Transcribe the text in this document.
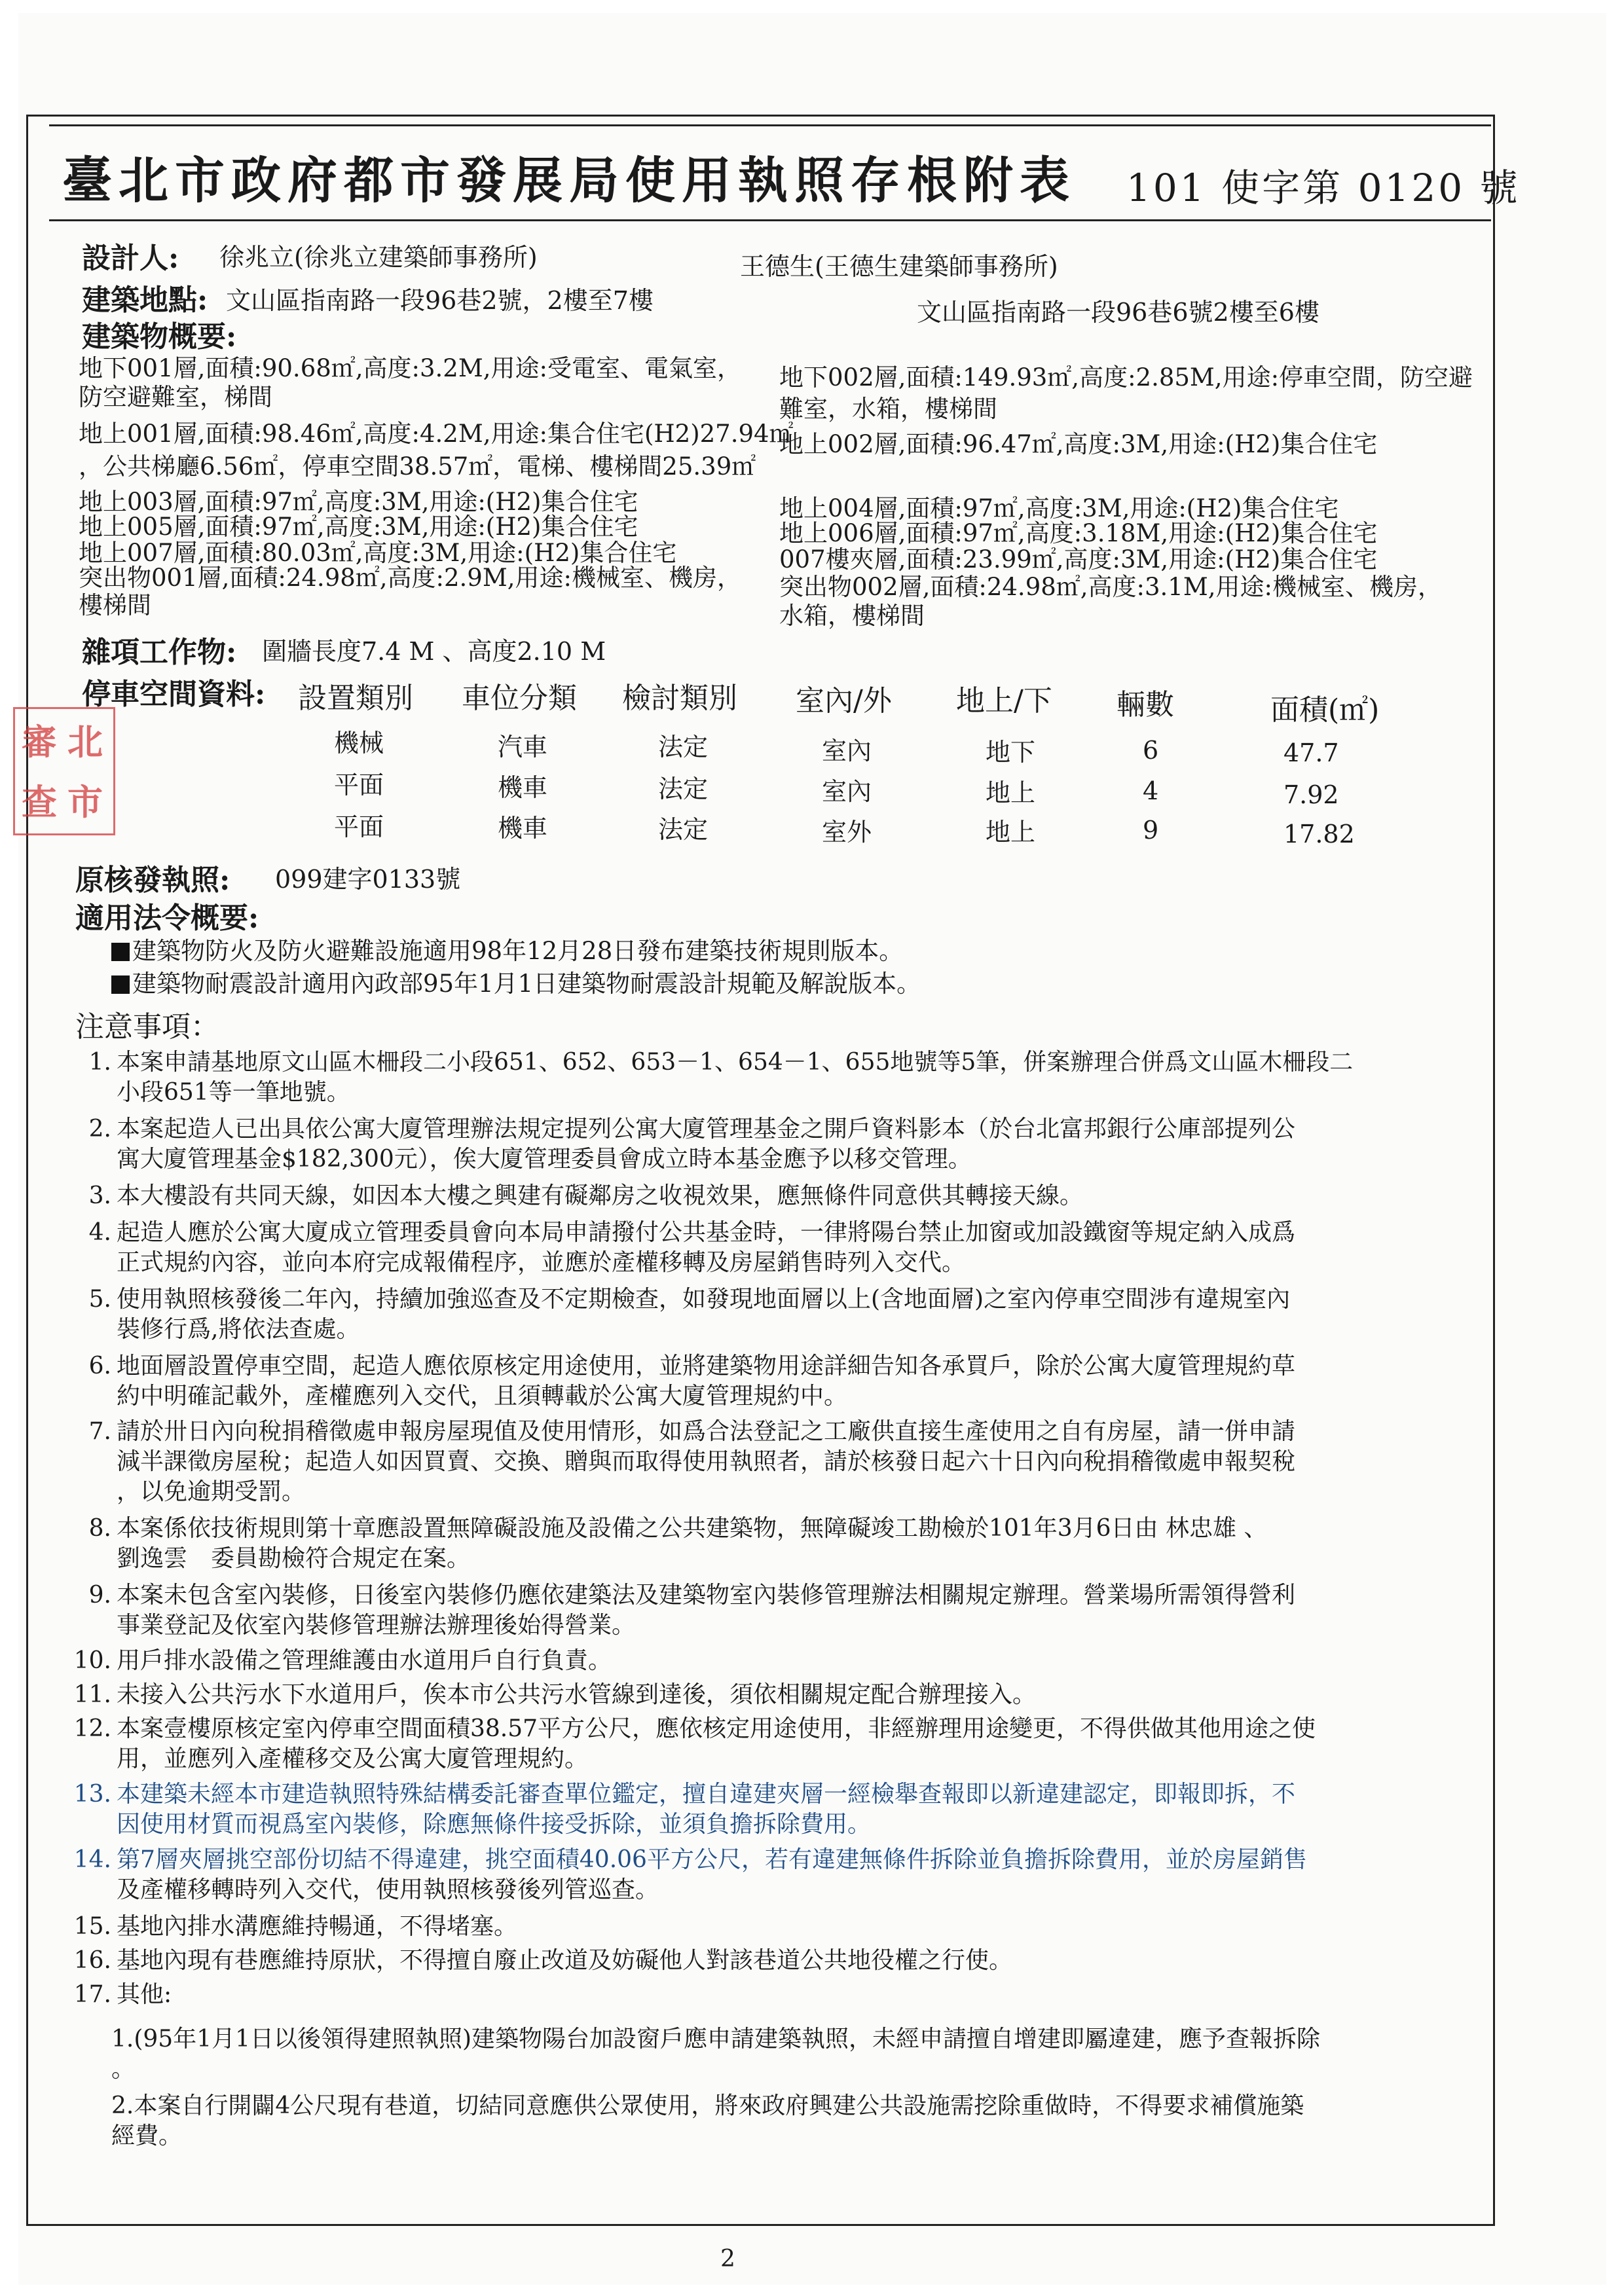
臺北市政府都市發展局使用執照存根附表 101 使字第 0120 號
設計人: 徐兆立(徐兆立建築師事務所)	王德生(王德生建築師事務所)
建築地點: 文山區指南路一段96巷2號，2樓至7樓	文山區指南路一段96巷6號2樓至6樓
建築物概要:
地下001層,面積:90.68㎡,高度:3.2M,用途:受電室、電氣室，
防空避難室，梯間
地上001層,面積:98.46㎡,高度:4.2M,用途:集合住宅(H2)27.94㎡
，公共梯廳6.56㎡，停車空間38.57㎡，電梯、樓梯間25.39㎡
地上003層,面積:97㎡,高度:3M,用途:(H2)集合住宅
地上005層,面積:97㎡,高度:3M,用途:(H2)集合住宅
地上007層,面積:80.03㎡,高度:3M,用途:(H2)集合住宅
突出物001層,面積:24.98㎡,高度:2.9M,用途:機械室、機房，
樓梯間
地下002層,面積:149.93㎡,高度:2.85M,用途:停車空間，防空避
難室，水箱，樓梯間
地上002層,面積:96.47㎡,高度:3M,用途:(H2)集合住宅
地上004層,面積:97㎡,高度:3M,用途:(H2)集合住宅
地上006層,面積:97㎡,高度:3.18M,用途:(H2)集合住宅
007樓夾層,面積:23.99㎡,高度:3M,用途:(H2)集合住宅
突出物002層,面積:24.98㎡,高度:3.1M,用途:機械室、機房，
水箱，樓梯間
雜項工作物: 圍牆長度7.4 M 、高度2.10 M
停車空間資料: 設置類別 車位分類 檢討類別 室內/外 地上/下 輛數	面積(㎡)
機械	汽車	法定	室內	地下	6	47.7
平面	機車	法定	室內	地上	4	7.92
平面	機車	法定	室外	地上	9	17.82
審 北
查 市
原核發執照: 099建字0133號
適用法令概要:
建築物防火及防火避難設施適用98年12月28日發布建築技術規則版本。
建築物耐震設計適用內政部95年1月1日建築物耐震設計規範及解說版本。
注意事項：
1. 本案申請基地原文山區木柵段二小段651、652、653－1、654－1、655地號等5筆，併案辦理合併爲文山區木柵段二
小段651等一筆地號。
2. 本案起造人已出具依公寓大廈管理辦法規定提列公寓大廈管理基金之開戶資料影本（於台北富邦銀行公庫部提列公
寓大廈管理基金$182,300元），俟大廈管理委員會成立時本基金應予以移交管理。
3. 本大樓設有共同天線，如因本大樓之興建有礙鄰房之收視效果，應無條件同意供其轉接天線。
4. 起造人應於公寓大廈成立管理委員會向本局申請撥付公共基金時，一律將陽台禁止加窗或加設鐵窗等規定納入成爲
正式規約內容，並向本府完成報備程序，並應於產權移轉及房屋銷售時列入交代。
5. 使用執照核發後二年內，持續加強巡查及不定期檢查，如發現地面層以上(含地面層)之室內停車空間涉有違規室內
裝修行爲,將依法查處。
6. 地面層設置停車空間，起造人應依原核定用途使用，並將建築物用途詳細告知各承買戶，除於公寓大廈管理規約草
約中明確記載外，產權應列入交代，且須轉載於公寓大廈管理規約中。
7. 請於卅日內向稅捐稽徵處申報房屋現值及使用情形，如爲合法登記之工廠供直接生產使用之自有房屋，請一併申請
減半課徵房屋稅；起造人如因買賣、交換、贈與而取得使用執照者，請於核發日起六十日內向稅捐稽徵處申報契稅
，以免逾期受罰。
8. 本案係依技術規則第十章應設置無障礙設施及設備之公共建築物，無障礙竣工勘檢於101年3月6日由 林忠雄 、
劉逸雲　委員勘檢符合規定在案。
9. 本案未包含室內裝修，日後室內裝修仍應依建築法及建築物室內裝修管理辦法相關規定辦理。營業場所需領得營利
事業登記及依室內裝修管理辦法辦理後始得營業。
10. 用戶排水設備之管理維護由水道用戶自行負責。
11. 未接入公共污水下水道用戶，俟本市公共污水管線到達後，須依相關規定配合辦理接入。
12. 本案壹樓原核定室內停車空間面積38.57平方公尺，應依核定用途使用，非經辦理用途變更，不得供做其他用途之使
用，並應列入產權移交及公寓大廈管理規約。
13. 本建築未經本市建造執照特殊結構委託審查單位鑑定，擅自違建夾層一經檢舉查報即以新違建認定，即報即拆，不
因使用材質而視爲室內裝修，除應無條件接受拆除，並須負擔拆除費用。
14. 第7層夾層挑空部份切結不得違建，挑空面積40.06平方公尺，若有違建無條件拆除並負擔拆除費用，並於房屋銷售
及產權移轉時列入交代，使用執照核發後列管巡查。
15. 基地內排水溝應維持暢通，不得堵塞。
16. 基地內現有巷應維持原狀，不得擅自廢止改道及妨礙他人對該巷道公共地役權之行使。
17. 其他:
1.(95年1月1日以後領得建照執照)建築物陽台加設窗戶應申請建築執照，未經申請擅自增建即屬違建，應予查報拆除
。
2.本案自行開闢4公尺現有巷道，切結同意應供公眾使用，將來政府興建公共設施需挖除重做時，不得要求補償施築
經費。
2
